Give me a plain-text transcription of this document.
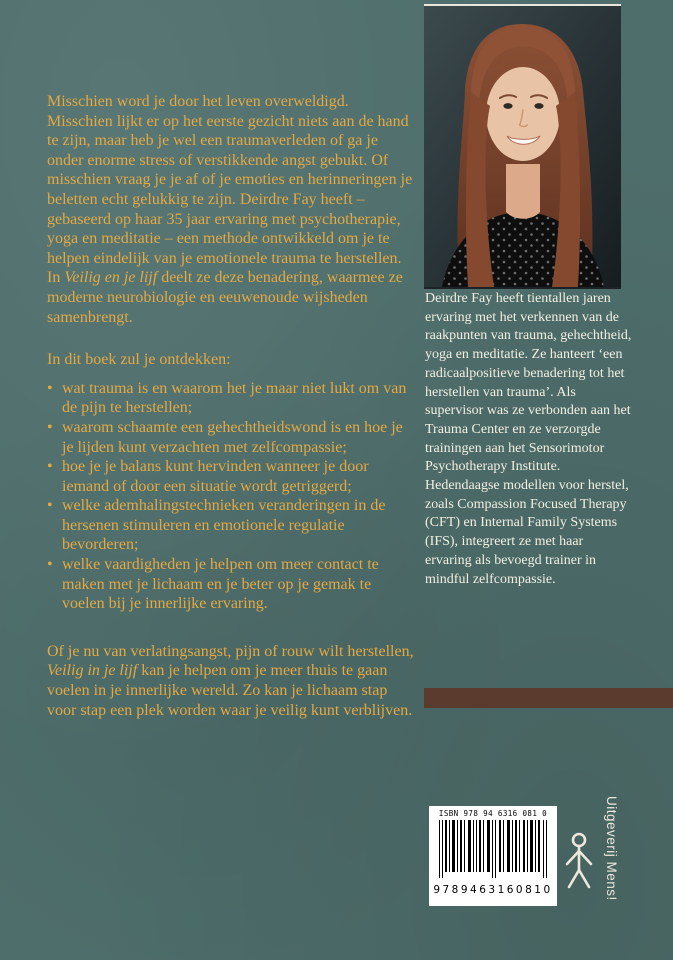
Misschien word je door het leven overweldigd. Misschien lijkt er op het eerste gezicht niets aan de hand te zijn, maar heb je wel een traumaverleden of ga je onder enorme stress of verstikkende angst gebukt. Of misschien vraag je je af of je emoties en herinneringen je beletten echt gelukkig te zijn. Deirdre Fay heeft – gebaseerd op haar 35 jaar ervaring met psychotherapie, yoga en meditatie – een methode ontwikkeld om je te helpen eindelijk van je emotionele trauma te herstellen. In Veilig en je lijf deelt ze deze benadering, waarmee ze moderne neurobiologie en eeuwenoude wijsheden samenbrengt.

In dit boek zul je ontdekken:

• wat trauma is en waarom het je maar niet lukt om van de pijn te herstellen;
• waarom schaamte een gehechtheidswond is en hoe je je lijden kunt verzachten met zelfcompassie;
• hoe je je balans kunt hervinden wanneer je door iemand of door een situatie wordt getriggerd;
• welke ademhalingstechnieken veranderingen in de hersenen stimuleren en emotionele regulatie bevorderen;
• welke vaardigheden je helpen om meer contact te maken met je lichaam en je beter op je gemak te voelen bij je innerlijke ervaring.

Of je nu van verlatingsangst, pijn of rouw wilt herstellen, Veilig in je lijf kan je helpen om je meer thuis te gaan voelen in je innerlijke wereld. Zo kan je lichaam stap voor stap een plek worden waar je veilig kunt verblijven.

Deirdre Fay heeft tientallen jaren ervaring met het verkennen van de raakpunten van trauma, gehechtheid, yoga en meditatie. Ze hanteert ‘een radicaalpositieve benadering tot het herstellen van trauma’. Als supervisor was ze verbonden aan het Trauma Center en ze verzorgde trainingen aan het Sensorimotor Psychotherapy Institute. Hedendaagse modellen voor herstel, zoals Compassion Focused Therapy (CFT) en Internal Family Systems (IFS), integreert ze met haar ervaring als bevoegd trainer in mindful zelfcompassie.

ISBN 978 94 6316 081 0
9789463160810	Uitgeverij Mens!
